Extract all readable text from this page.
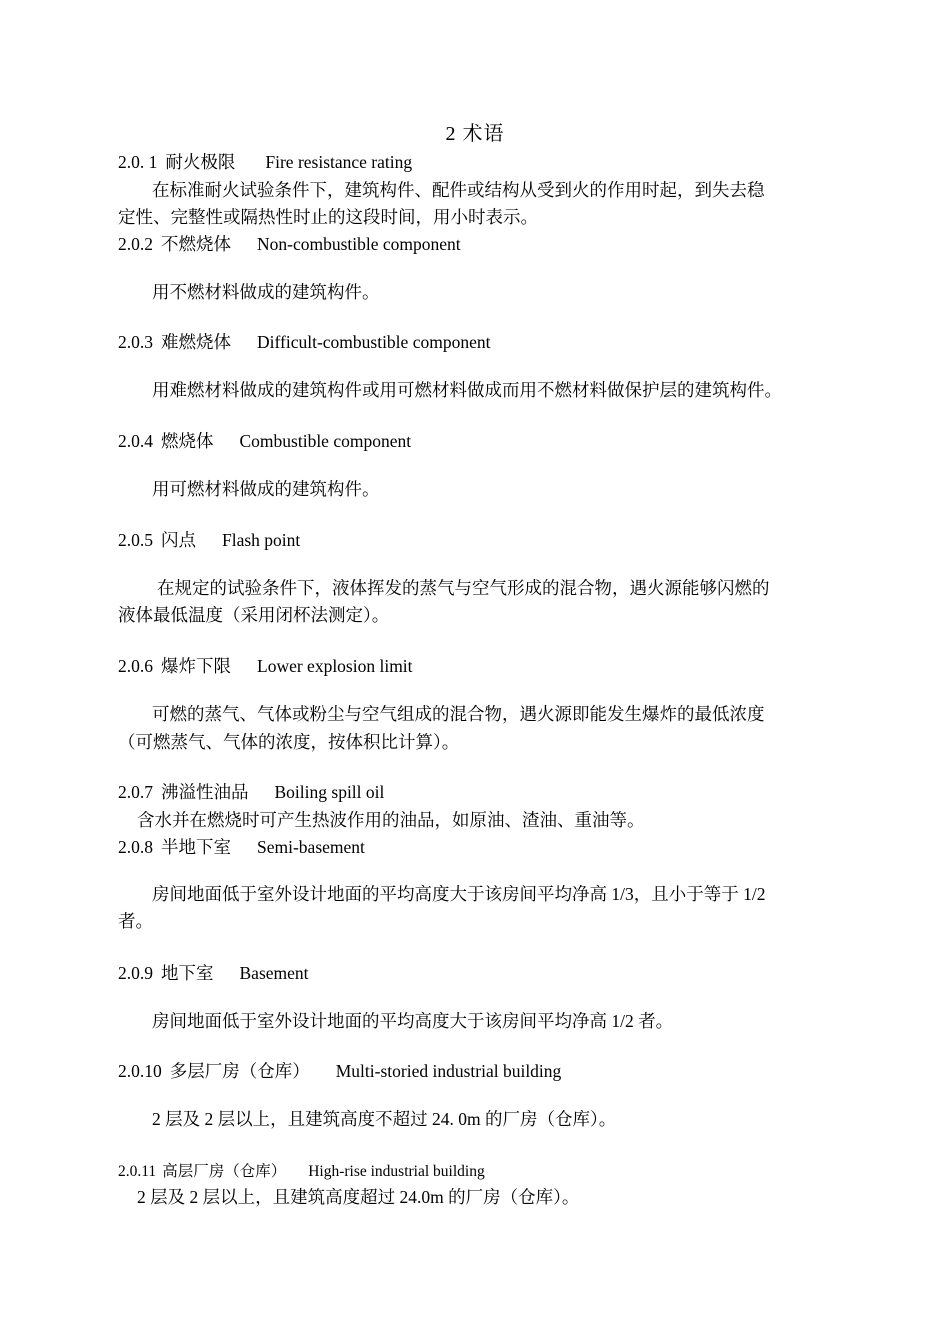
2 术语
2.0. 1 耐火极限 Fire resistance rating
在标准耐火试验条件下，建筑构件、配件或结构从受到火的作用时起，到失去稳
定性、完整性或隔热性时止的这段时间，用小时表示。
2.0.2 不燃烧体 Non-combustible component
用不燃材料做成的建筑构件。
2.0.3 难燃烧体 Difficult-combustible component
用难燃材料做成的建筑构件或用可燃材料做成而用不燃材料做保护层的建筑构件。
2.0.4 燃烧体 Combustible component
用可燃材料做成的建筑构件。
2.0.5 闪点 Flash point
在规定的试验条件下，液体挥发的蒸气与空气形成的混合物，遇火源能够闪燃的
液体最低温度（采用闭杯法测定）。
2.0.6 爆炸下限 Lower explosion limit
可燃的蒸气、气体或粉尘与空气组成的混合物，遇火源即能发生爆炸的最低浓度
（可燃蒸气、气体的浓度，按体积比计算）。
2.0.7 沸溢性油品 Boiling spill oil
含水并在燃烧时可产生热波作用的油品，如原油、渣油、重油等。
2.0.8 半地下室 Semi-basement
房间地面低于室外设计地面的平均高度大于该房间平均净高 1/3，且小于等于 1/2
者。
2.0.9 地下室 Basement
房间地面低于室外设计地面的平均高度大于该房间平均净高 1/2 者。
2.0.10 多层厂房（仓库） Multi-storied industrial building
2 层及 2 层以上，且建筑高度不超过 24. 0m 的厂房（仓库）。
2.0.11 高层厂房（仓库） High-rise industrial building
2 层及 2 层以上，且建筑高度超过 24.0m 的厂房（仓库）。
